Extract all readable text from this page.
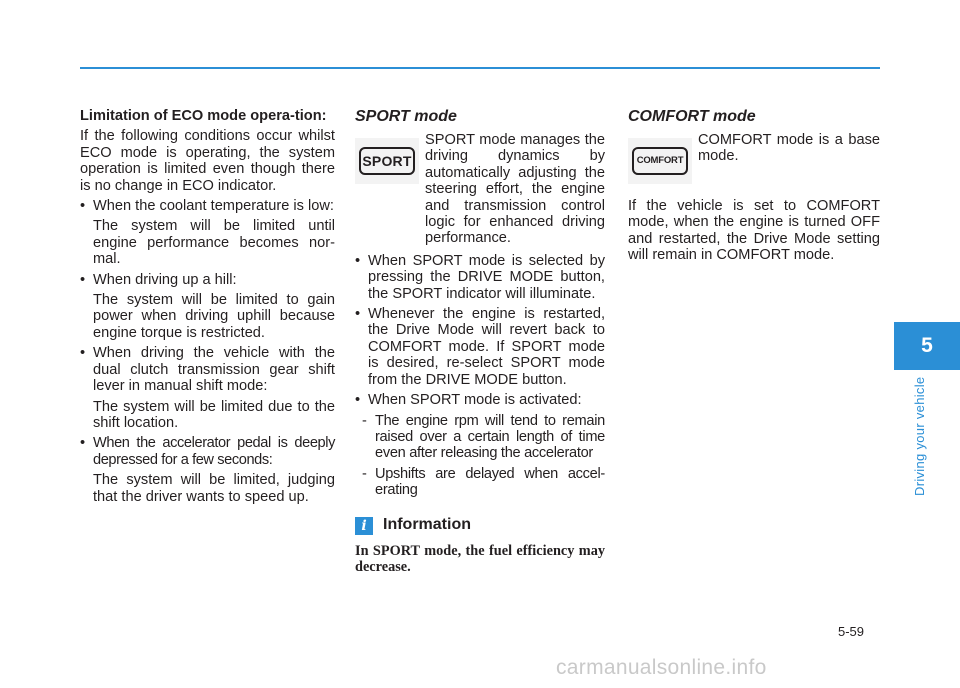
Limitation of ECO mode opera-tion:

If the following conditions occur whilst ECO mode is operating, the system operation is limited even though there is no change in ECO indicator.

• When the coolant temperature is low:
The system will be limited until engine performance becomes nor-mal.
• When driving up a hill:
The system will be limited to gain power when driving uphill because engine torque is restricted.
• When driving the vehicle with the dual clutch transmission gear shift lever in manual shift mode:
The system will be limited due to the shift location.
• When the accelerator pedal is deeply depressed for a few seconds:
The system will be limited, judging that the driver wants to speed up.
SPORT mode
SPORT
SPORT mode manages the driving dynamics by automatically adjusting the steering effort, the engine and transmission control logic for enhanced driving performance.
• When SPORT mode is selected by pressing the DRIVE MODE button, the SPORT indicator will illuminate.
• Whenever the engine is restarted, the Drive Mode will revert back to COMFORT mode. If SPORT mode is desired, re-select SPORT mode from the DRIVE MODE button.
• When SPORT mode is activated:
- The engine rpm will tend to remain raised over a certain length of time even after releasing the accelerator
- Upshifts are delayed when accel-erating
i	Information

In SPORT mode, the fuel efficiency may decrease.

COMFORT mode
COMFORT
COMFORT mode is a base mode.

If the vehicle is set to COMFORT mode, when the engine is turned OFF and restarted, the Drive Mode setting will remain in COMFORT mode.

5
Driving your vehicle
5-59
carmanualsonline.info
